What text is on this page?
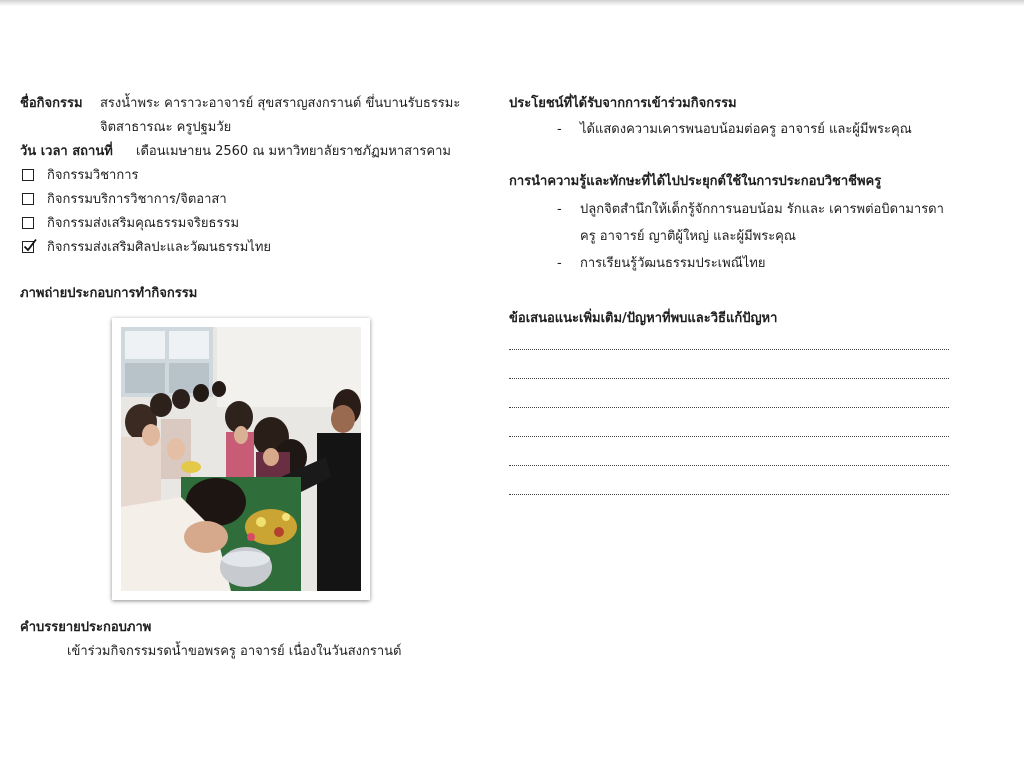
ชื่อกิจกรรม สรงน้ำพระ คาราวะอาจารย์ สุขสราญสงกรานต์ ขึ่นบานรับธรรมะ
จิตสาธารณะ ครูปฐมวัย
วัน เวลา สถานที่ เดือนเมษายน 2560 ณ มหาวิทยาลัยราชภัฏมหาสารคาม
กิจกรรมวิชาการ
กิจกรรมบริการวิชาการ/จิตอาสา
กิจกรรมส่งเสริมคุณธรรมจริยธรรม
กิจกรรมส่งเสริมศิลปะและวัฒนธรรมไทย
ภาพถ่ายประกอบการทำกิจกรรม
คำบรรยายประกอบภาพ
เข้าร่วมกิจกรรมรดน้ำขอพรครู อาจารย์ เนื่องในวันสงกรานต์
ประโยชน์ที่ได้รับจากการเข้าร่วมกิจกรรม
- ได้แสดงความเคารพนอบน้อมต่อครู อาจารย์ และผู้มีพระคุณ
การนำความรู้และทักษะที่ได้ไปประยุกต์ใช้ในการประกอบวิชาชีพครู
- ปลูกจิตสำนึกให้เด็กรู้จักการนอบน้อม รักและ เคารพต่อบิดามารดา
ครู อาจารย์ ญาติผู้ใหญ่ และผู้มีพระคุณ
- การเรียนรู้วัฒนธรรมประเพณีไทย
ข้อเสนอแนะเพิ่มเติม/ปัญหาที่พบและวิธีแก้ปัญหา
